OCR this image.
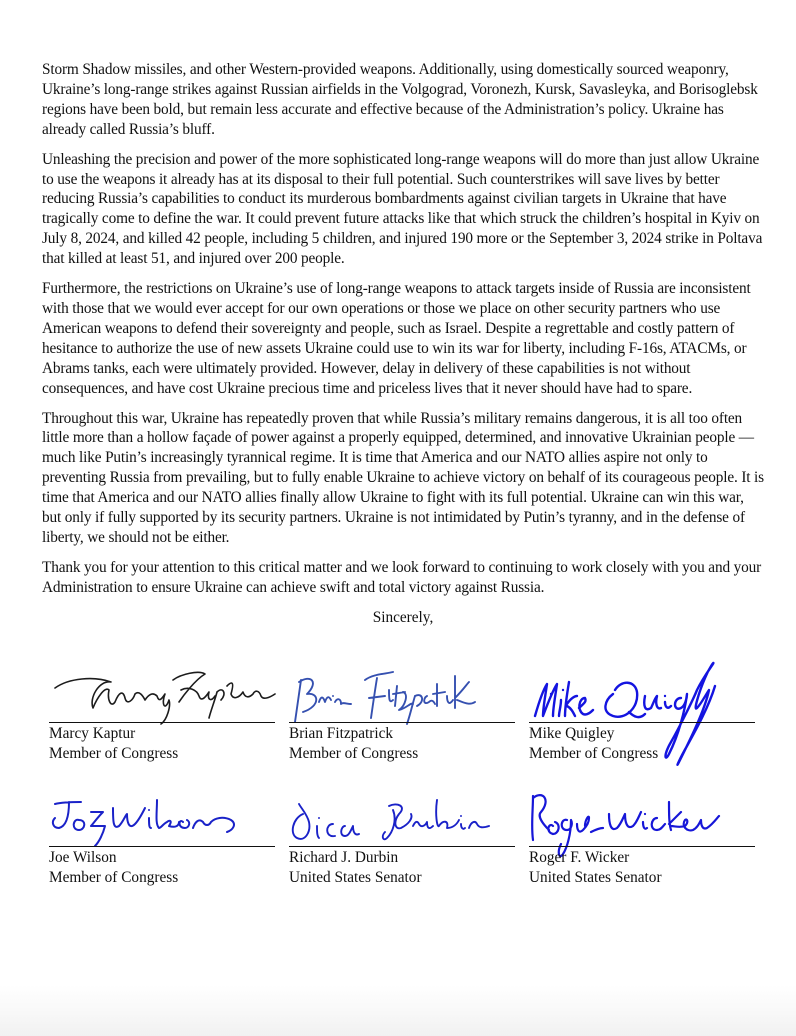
Storm Shadow missiles, and other Western-provided weapons. Additionally, using domestically sourced weaponry, Ukraine’s long-range strikes against Russian airfields in the Volgograd, Voronezh, Kursk, Savasleyka, and Borisoglebsk regions have been bold, but remain less accurate and effective because of the Administration’s policy. Ukraine has already called Russia’s bluff.

Unleashing the precision and power of the more sophisticated long-range weapons will do more than just allow Ukraine to use the weapons it already has at its disposal to their full potential. Such counterstrikes will save lives by better reducing Russia’s capabilities to conduct its murderous bombardments against civilian targets in Ukraine that have tragically come to define the war. It could prevent future attacks like that which struck the children’s hospital in Kyiv on July 8, 2024, and killed 42 people, including 5 children, and injured 190 more or the September 3, 2024 strike in Poltava that killed at least 51, and injured over 200 people.

Furthermore, the restrictions on Ukraine’s use of long-range weapons to attack targets inside of Russia are inconsistent with those that we would ever accept for our own operations or those we place on other security partners who use American weapons to defend their sovereignty and people, such as Israel. Despite a regrettable and costly pattern of hesitance to authorize the use of new assets Ukraine could use to win its war for liberty, including F-16s, ATACMs, or Abrams tanks, each were ultimately provided. However, delay in delivery of these capabilities is not without consequences, and have cost Ukraine precious time and priceless lives that it never should have had to spare.

Throughout this war, Ukraine has repeatedly proven that while Russia’s military remains dangerous, it is all too often little more than a hollow façade of power against a properly equipped, determined, and innovative Ukrainian people — much like Putin’s increasingly tyrannical regime. It is time that America and our NATO allies aspire not only to preventing Russia from prevailing, but to fully enable Ukraine to achieve victory on behalf of its courageous people. It is time that America and our NATO allies finally allow Ukraine to fight with its full potential. Ukraine can win this war, but only if fully supported by its security partners. Ukraine is not intimidated by Putin’s tyranny, and in the defense of liberty, we should not be either.

Thank you for your attention to this critical matter and we look forward to continuing to work closely with you and your Administration to ensure Ukraine can achieve swift and total victory against Russia.

Sincerely,

Marcy Kaptur
Member of Congress
Brian Fitzpatrick
Member of Congress
Mike Quigley
Member of Congress
Joe Wilson
Member of Congress
Richard J. Durbin
United States Senator
Roger F. Wicker
United States Senator
